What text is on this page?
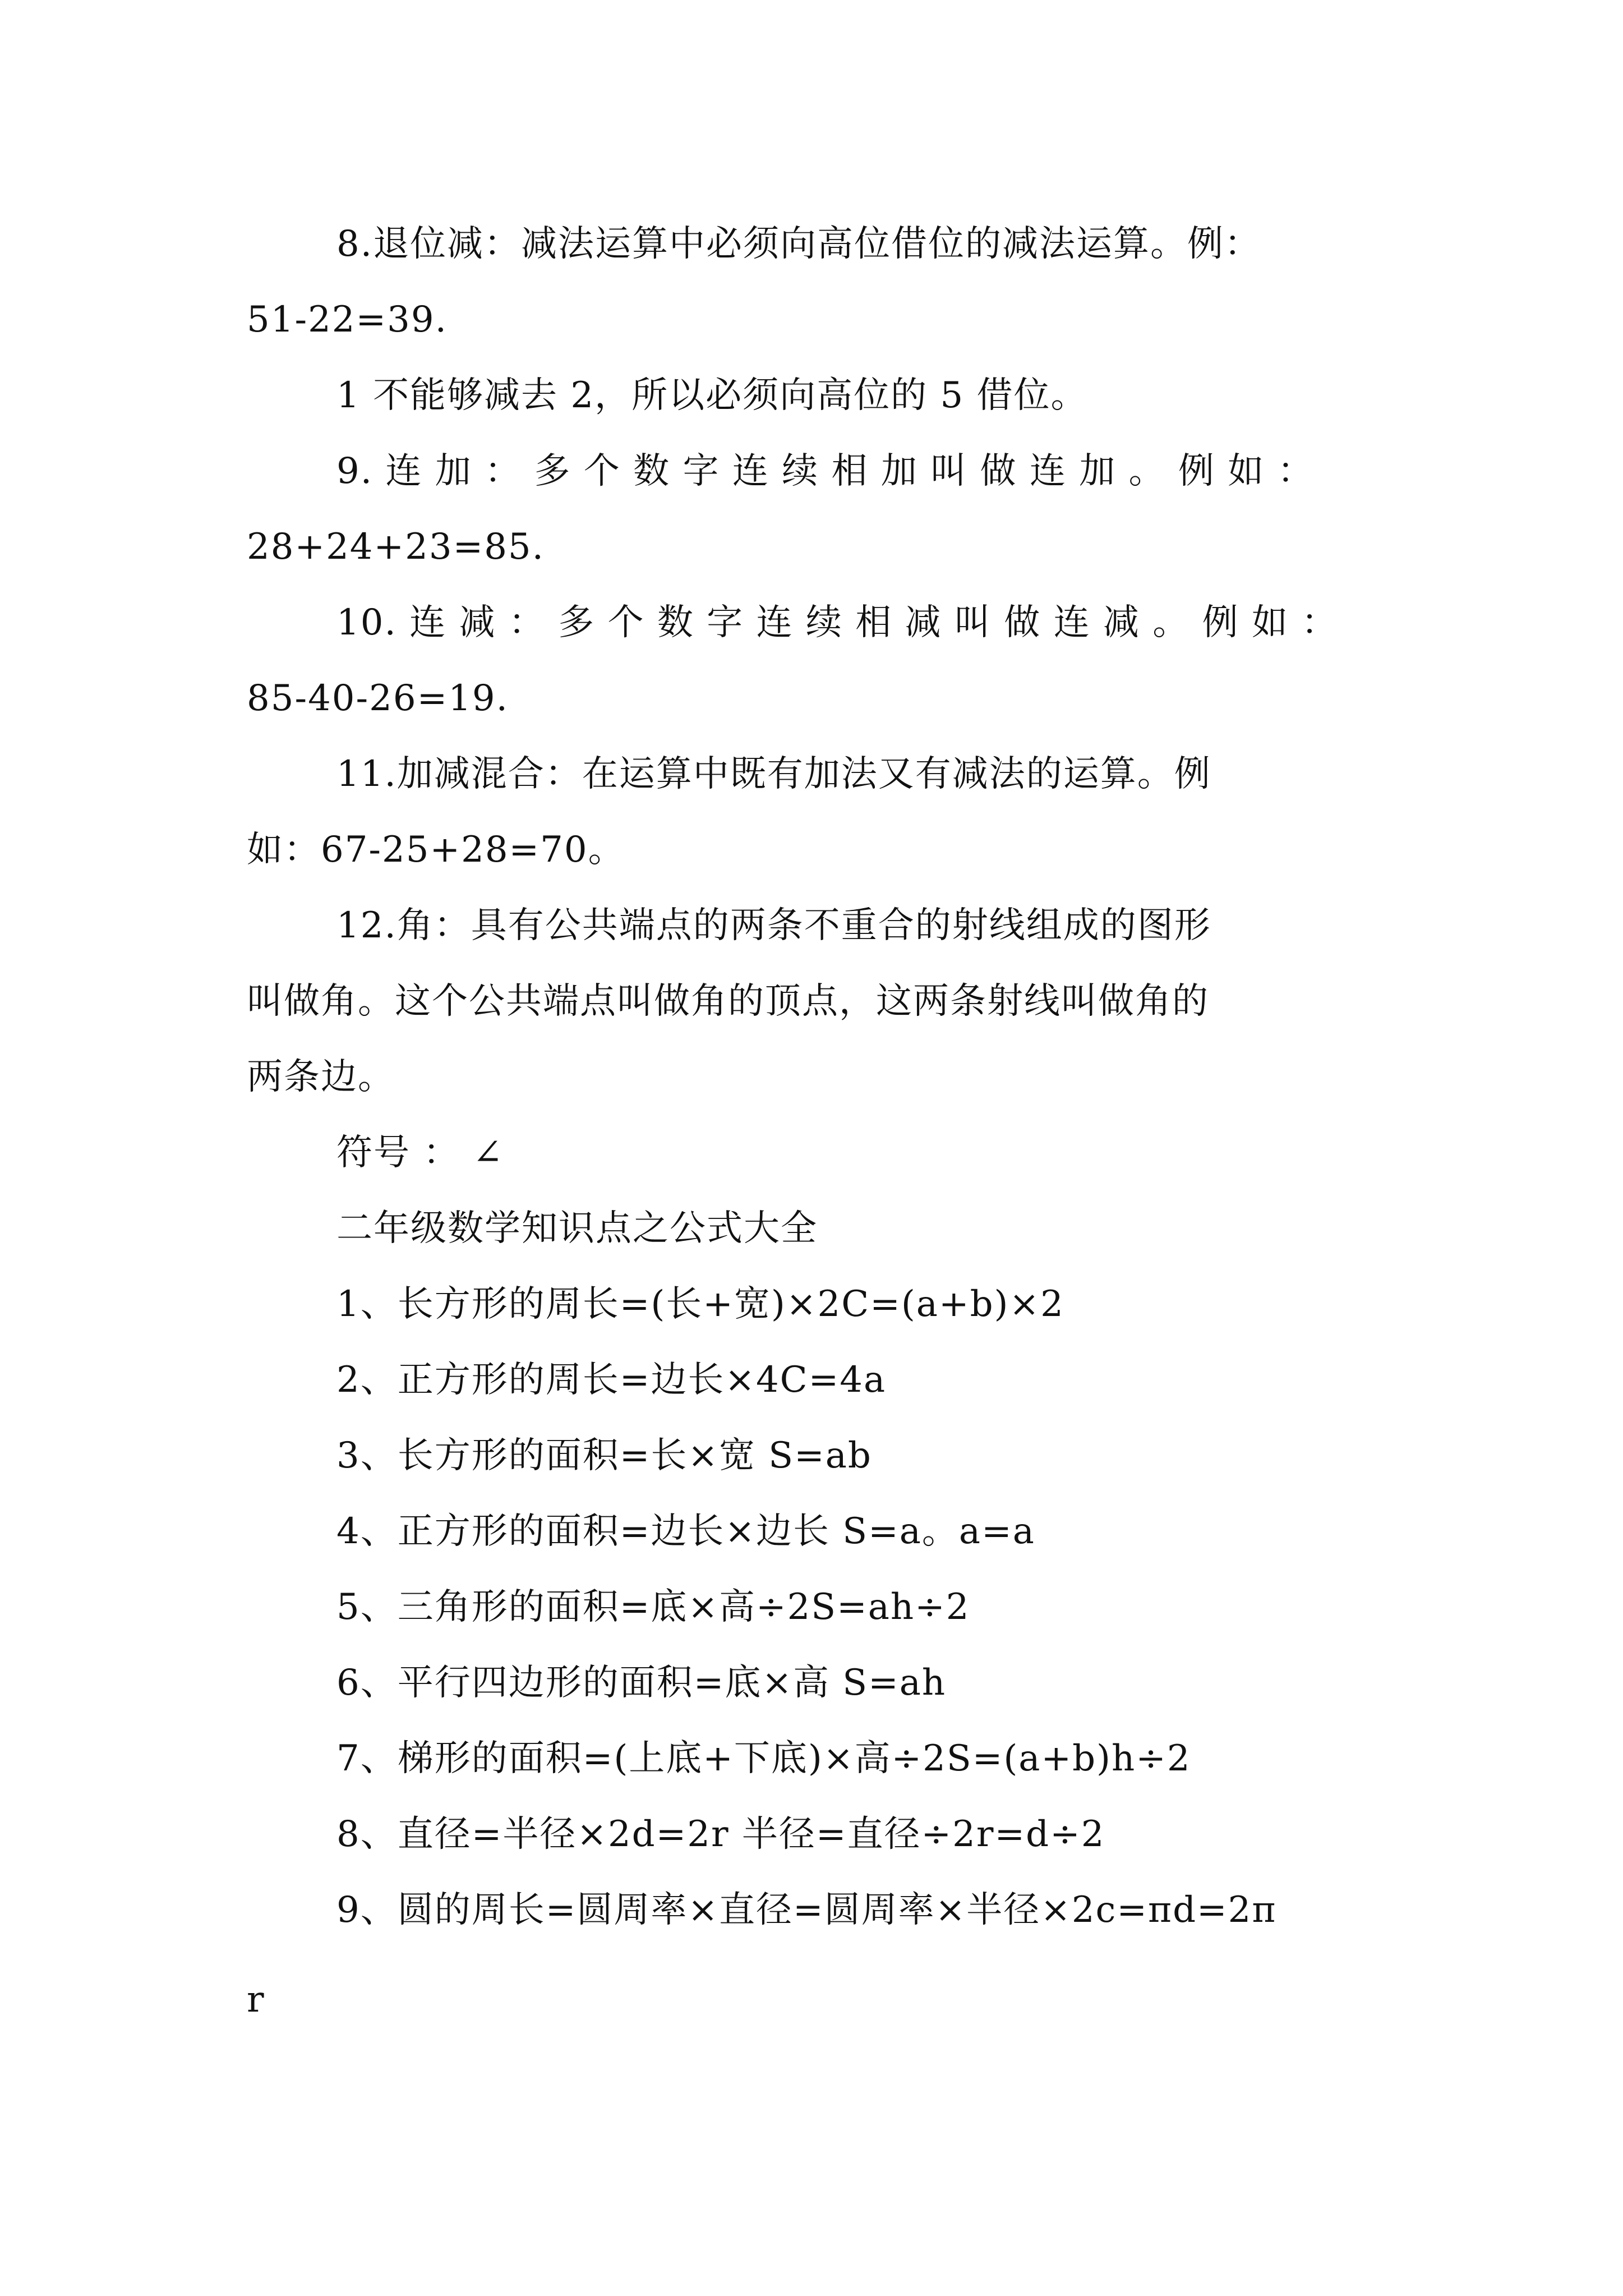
8.退位减：减法运算中必须向高位借位的减法运算。例：
51-22=39.
1 不能够减去 2，所以必须向高位的 5 借位。
9. 连 加 ： 多 个 数 字 连 续 相 加 叫 做 连 加 。 例 如 ：
28+24+23=85.
10. 连 减 ： 多 个 数 字 连 续 相 减 叫 做 连 减 。 例 如 ：
85-40-26=19.
11.加减混合：在运算中既有加法又有减法的运算。例
如：67-25+28=70。
12.角：具有公共端点的两条不重合的射线组成的图形
叫做角。这个公共端点叫做角的顶点，这两条射线叫做角的
两条边。
符号 ： ∠
二年级数学知识点之公式大全
1、长方形的周长=(长+宽)×2C=(a+b)×2
2、正方形的周长=边长×4C=4a
3、长方形的面积=长×宽 S=ab
4、正方形的面积=边长×边长 S=a。a=a
5、三角形的面积=底×高÷2S=ah÷2
6、平行四边形的面积=底×高 S=ah
7、梯形的面积=(上底+下底)×高÷2S=(a+b)h÷2
8、直径=半径×2d=2r 半径=直径÷2r=d÷2
9、圆的周长=圆周率×直径=圆周率×半径×2c=πd=2π
r
